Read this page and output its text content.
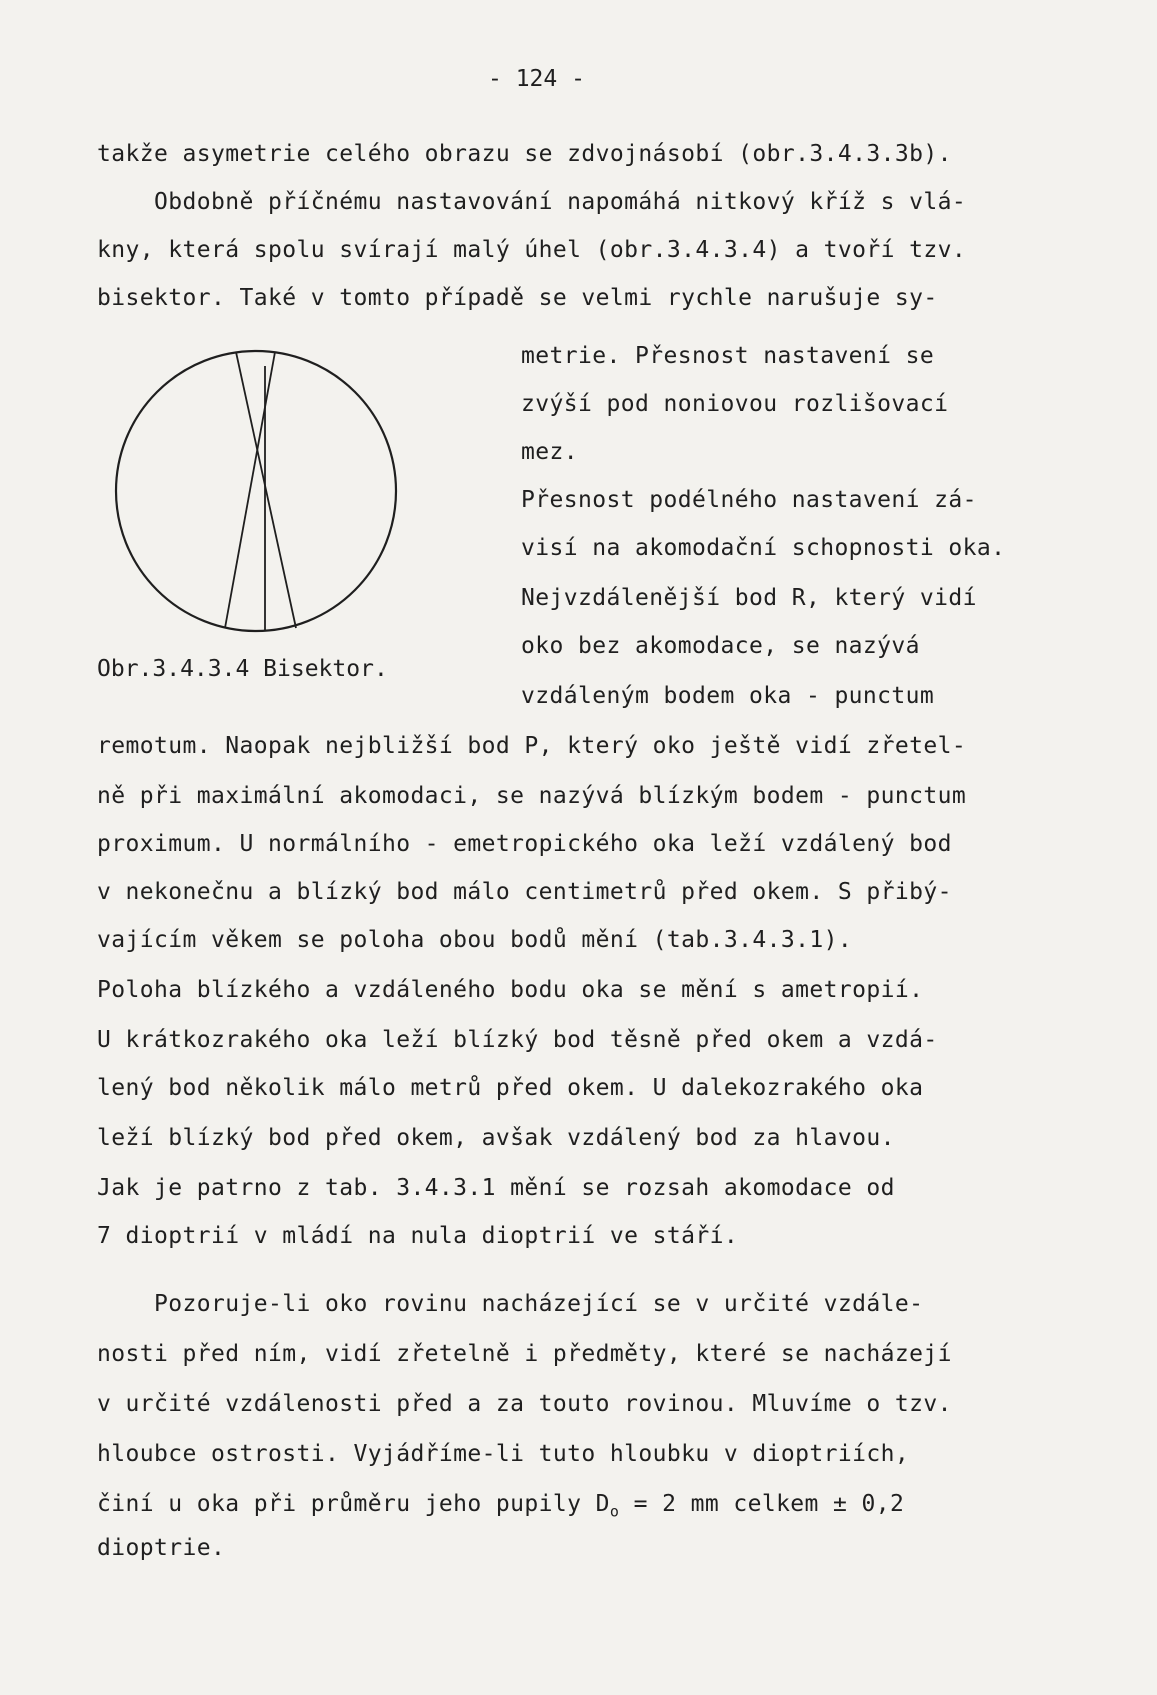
- 124 -
takže asymetrie celého obrazu se zdvojnásobí (obr.3.4.3.3b).
Obdobně příčnému nastavování napomáhá nitkový kříž s vlá-
kny, která spolu svírají malý úhel (obr.3.4.3.4) a tvoří tzv.
bisektor. Také v tomto případě se velmi rychle narušuje sy-
metrie. Přesnost nastavení se
zvýší pod noniovou rozlišovací
mez.
Přesnost podélného nastavení zá-
visí na akomodační schopnosti oka.
Nejvzdálenější bod R, který vidí
oko bez akomodace, se nazývá
vzdáleným bodem oka - punctum
Obr.3.4.3.4 Bisektor.
remotum. Naopak nejbližší bod P, který oko ještě vidí zřetel-
ně při maximální akomodaci, se nazývá blízkým bodem - punctum
proximum. U normálního - emetropického oka leží vzdálený bod
v nekonečnu a blízký bod málo centimetrů před okem. S přibý-
vajícím věkem se poloha obou bodů mění (tab.3.4.3.1).
Poloha blízkého a vzdáleného bodu oka se mění s ametropií.
U krátkozrakého oka leží blízký bod těsně před okem a vzdá-
lený bod několik málo metrů před okem. U dalekozrakého oka
leží blízký bod před okem, avšak vzdálený bod za hlavou.
Jak je patrno z tab. 3.4.3.1 mění se rozsah akomodace od
7 dioptrií v mládí na nula dioptrií ve stáří.
Pozoruje-li oko rovinu nacházející se v určité vzdále-
nosti před ním, vidí zřetelně i předměty, které se nacházejí
v určité vzdálenosti před a za touto rovinou. Mluvíme o tzv.
hloubce ostrosti. Vyjádříme-li tuto hloubku v dioptriích,
činí u oka při průměru jeho pupily $D_o = 2$ mm celkem ± 0,2
dioptrie.
